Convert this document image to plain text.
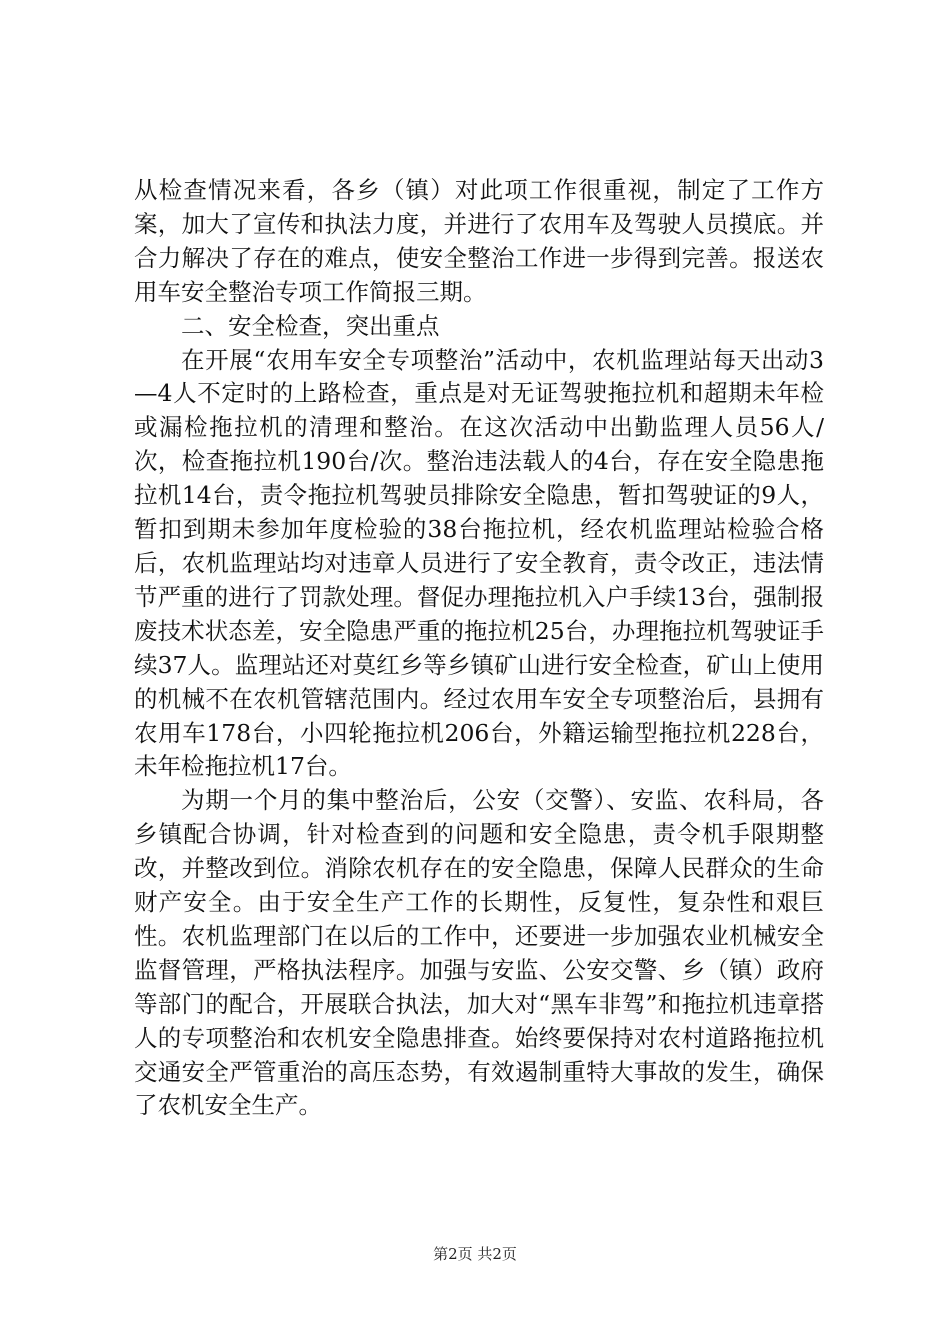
从检查情况来看，各乡（镇）对此项工作很重视，制定了工作方案，加大了宣传和执法力度，并进行了农用车及驾驶人员摸底。并合力解决了存在的难点，使安全整治工作进一步得到完善。报送农用车安全整治专项工作简报三期。

二、安全检查，突出重点

在开展“农用车安全专项整治”活动中，农机监理站每天出动3—4人不定时的上路检查，重点是对无证驾驶拖拉机和超期未年检或漏检拖拉机的清理和整治。在这次活动中出勤监理人员56人/次，检查拖拉机190台/次。整治违法载人的4台，存在安全隐患拖拉机14台，责令拖拉机驾驶员排除安全隐患，暂扣驾驶证的9人，暂扣到期未参加年度检验的38台拖拉机，经农机监理站检验合格后，农机监理站均对违章人员进行了安全教育，责令改正，违法情节严重的进行了罚款处理。督促办理拖拉机入户手续13台，强制报废技术状态差，安全隐患严重的拖拉机25台，办理拖拉机驾驶证手续37人。监理站还对莫红乡等乡镇矿山进行安全检查，矿山上使用的机械不在农机管辖范围内。经过农用车安全专项整治后，县拥有农用车178台，小四轮拖拉机206台，外籍运输型拖拉机228台，未年检拖拉机17台。

为期一个月的集中整治后，公安（交警）、安监、农科局，各乡镇配合协调，针对检查到的问题和安全隐患，责令机手限期整改，并整改到位。消除农机存在的安全隐患，保障人民群众的生命财产安全。由于安全生产工作的长期性，反复性，复杂性和艰巨性。农机监理部门在以后的工作中，还要进一步加强农业机械安全监督管理，严格执法程序。加强与安监、公安交警、乡（镇）政府等部门的配合，开展联合执法，加大对“黑车非驾”和拖拉机违章搭人的专项整治和农机安全隐患排查。始终要保持对农村道路拖拉机交通安全严管重治的高压态势，有效遏制重特大事故的发生，确保了农机安全生产。

第2页 共2页
